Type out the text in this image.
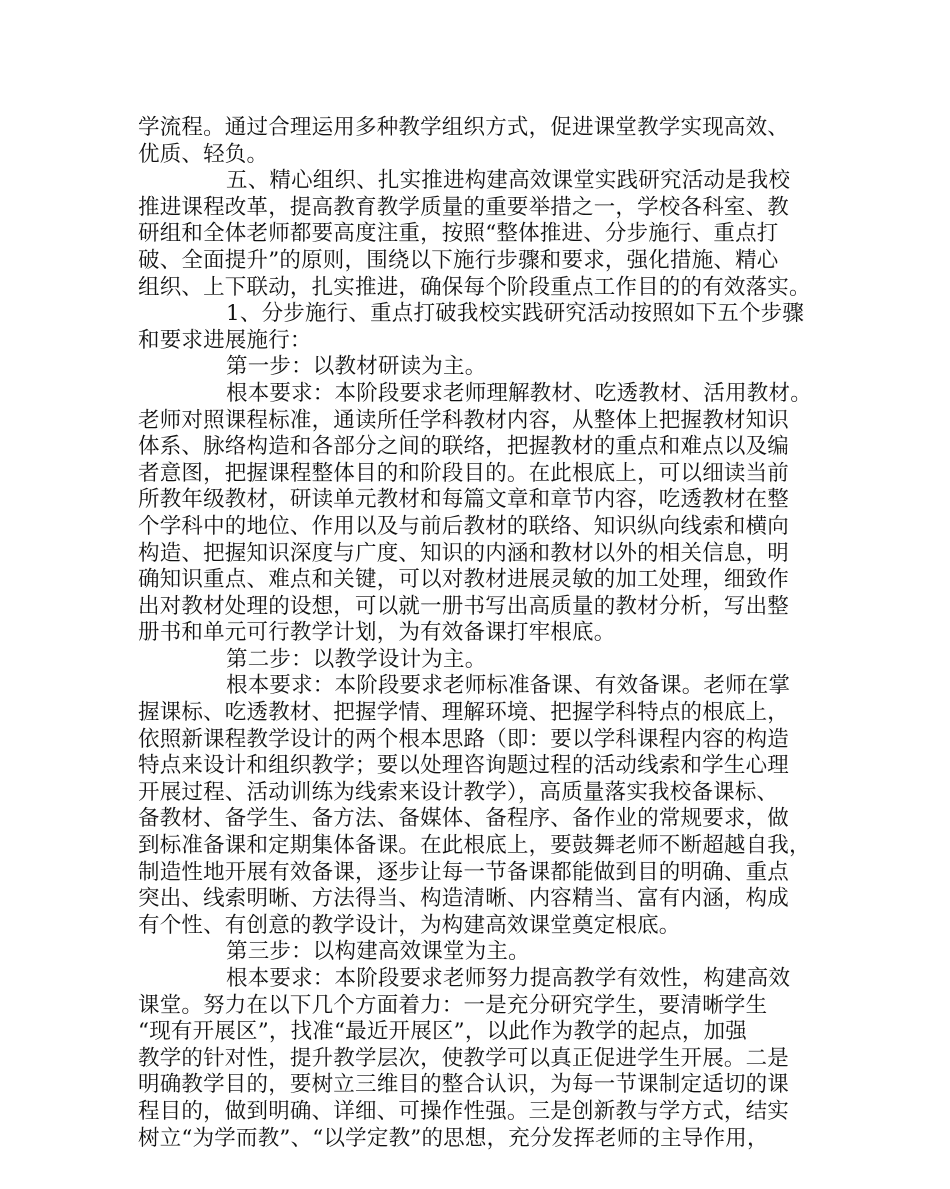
学流程。通过合理运用多种教学组织方式，促进课堂教学实现高效、
优质、轻负。
五、精心组织、扎实推进构建高效课堂实践研究活动是我校
推进课程改革，提高教育教学质量的重要举措之一，学校各科室、教
研组和全体老师都要高度注重，按照“整体推进、分步施行、重点打
破、全面提升”的原则，围绕以下施行步骤和要求，强化措施、精心
组织、上下联动，扎实推进，确保每个阶段重点工作目的的有效落实。
1、分步施行、重点打破我校实践研究活动按照如下五个步骤
和要求进展施行：
第一步：以教材研读为主。
根本要求：本阶段要求老师理解教材、吃透教材、活用教材。
老师对照课程标准，通读所任学科教材内容，从整体上把握教材知识
体系、脉络构造和各部分之间的联络，把握教材的重点和难点以及编
者意图，把握课程整体目的和阶段目的。在此根底上，可以细读当前
所教年级教材，研读单元教材和每篇文章和章节内容，吃透教材在整
个学科中的地位、作用以及与前后教材的联络、知识纵向线索和横向
构造、把握知识深度与广度、知识的内涵和教材以外的相关信息，明
确知识重点、难点和关键，可以对教材进展灵敏的加工处理，细致作
出对教材处理的设想，可以就一册书写出高质量的教材分析，写出整
册书和单元可行教学计划，为有效备课打牢根底。
第二步：以教学设计为主。
根本要求：本阶段要求老师标准备课、有效备课。老师在掌
握课标、吃透教材、把握学情、理解环境、把握学科特点的根底上，
依照新课程教学设计的两个根本思路（即：要以学科课程内容的构造
特点来设计和组织教学；要以处理咨询题过程的活动线索和学生心理
开展过程、活动训练为线索来设计教学），高质量落实我校备课标、
备教材、备学生、备方法、备媒体、备程序、备作业的常规要求，做
到标准备课和定期集体备课。在此根底上，要鼓舞老师不断超越自我，
制造性地开展有效备课，逐步让每一节备课都能做到目的明确、重点
突出、线索明晰、方法得当、构造清晰、内容精当、富有内涵，构成
有个性、有创意的教学设计，为构建高效课堂奠定根底。
第三步：以构建高效课堂为主。
根本要求：本阶段要求老师努力提高教学有效性，构建高效
课堂。努力在以下几个方面着力：一是充分研究学生，要清晰学生
“现有开展区”，找准“最近开展区”，以此作为教学的起点，加强
教学的针对性，提升教学层次，使教学可以真正促进学生开展。二是
明确教学目的，要树立三维目的整合认识，为每一节课制定适切的课
程目的，做到明确、详细、可操作性强。三是创新教与学方式，结实
树立“为学而教”、“以学定教”的思想，充分发挥老师的主导作用，
